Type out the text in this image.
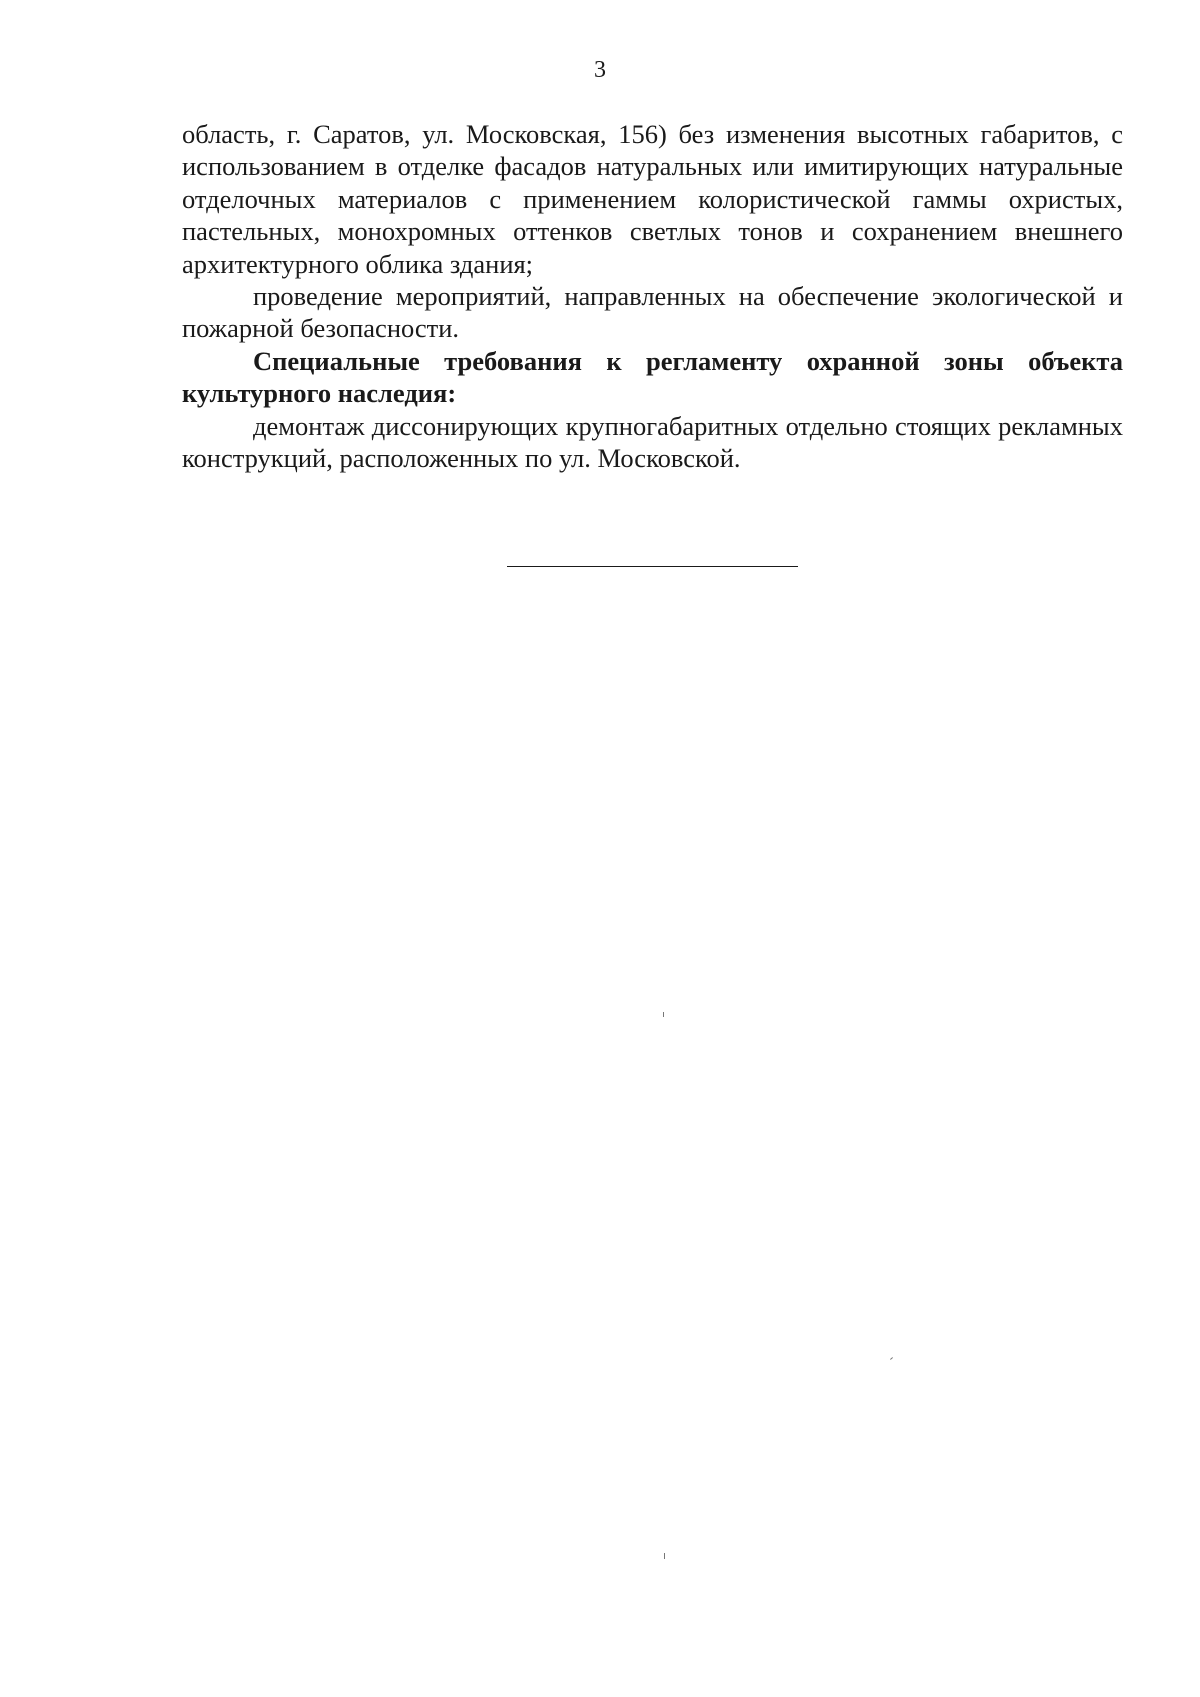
3

область, г. Саратов, ул. Московская, 156) без изменения высотных габаритов, с использованием в отделке фасадов натуральных или имитирующих натуральные отделочных материалов с применением колористической гаммы охристых, пастельных, монохромных оттенков светлых тонов и сохранением внешнего архитектурного облика здания;

проведение мероприятий, направленных на обеспечение экологической и пожарной безопасности.

Специальные требования к регламенту охранной зоны объекта культурного наследия:

демонтаж диссонирующих крупногабаритных отдельно стоящих рекламных конструкций, расположенных по ул. Московской.
